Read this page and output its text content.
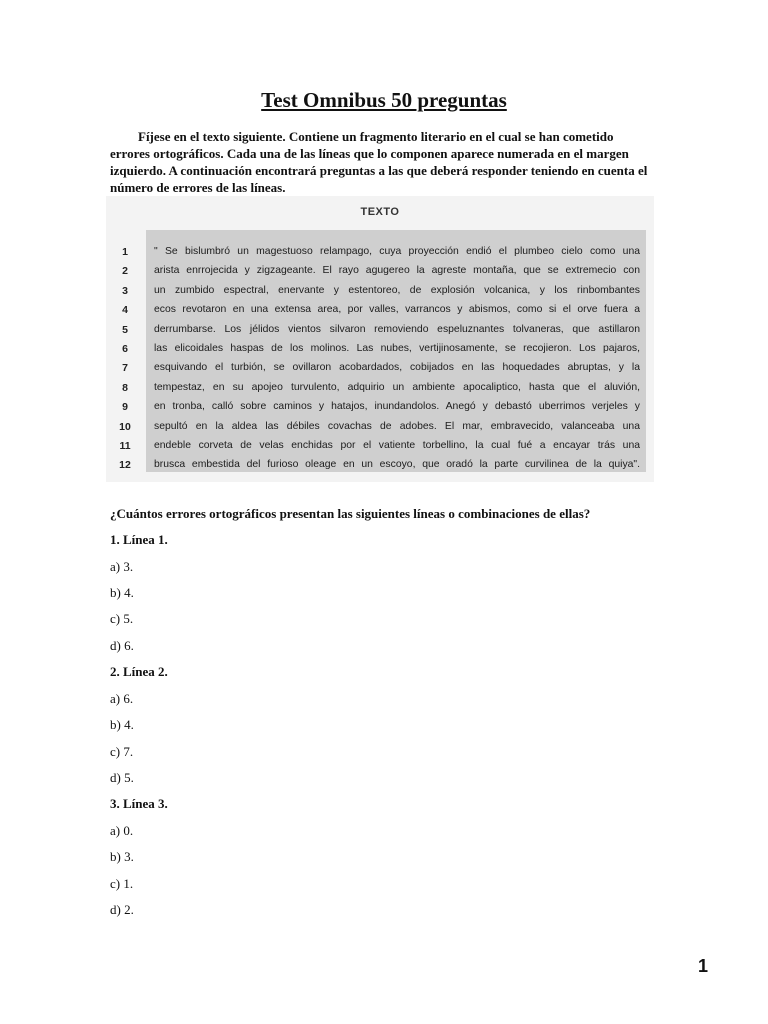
Test Omnibus 50 preguntas

Fíjese en el texto siguiente. Contiene un fragmento literario en el cual se han cometido errores ortográficos. Cada una de las líneas que lo componen aparece numerada en el margen izquierdo. A continuación encontrará preguntas a las que deberá responder teniendo en cuenta el número de errores de las líneas.

TEXTO
1
2
3
4
5
6
7
8
9
10
11
12
" Se bislumbró un magestuoso relampago, cuya proyección endió el plumbeo cielo como una
arista enrrojecida y zigzageante. El rayo agugereo la agreste montaña, que se extremecio con
un zumbido espectral, enervante y estentoreo, de explosión volcanica, y los rinbombantes
ecos revotaron en una extensa area, por valles, varrancos y abismos, como si el orve fuera a
derrumbarse. Los jélidos vientos silvaron removiendo espeluznantes tolvaneras, que astillaron
las elicoidales haspas de los molinos. Las nubes, vertijinosamente, se recojieron. Los pajaros,
esquivando el turbión, se ovillaron acobardados, cobijados en las hoquedades abruptas, y la
tempestaz, en su apojeo turvulento, adquirio un ambiente apocaliptico, hasta que el aluvión,
en tronba, calló sobre caminos y hatajos, inundandolos. Anegó y debastó uberrimos verjeles y
sepultó en la aldea las débiles covachas de adobes. El mar, embravecido, valanceaba una
endeble corveta de velas enchidas por el vatiente torbellino, la cual fué a encayar trás una
brusca embestida del furioso oleage en un escoyo, que oradó la parte curvilinea de la quiya".

¿Cuántos errores ortográficos presentan las siguientes líneas o combinaciones de ellas?

1. Línea 1.

a) 3.

b) 4.

c) 5.

d) 6.

2. Línea 2.

a) 6.

b) 4.

c) 7.

d) 5.

3. Línea 3.

a) 0.

b) 3.

c) 1.

d) 2.

1
